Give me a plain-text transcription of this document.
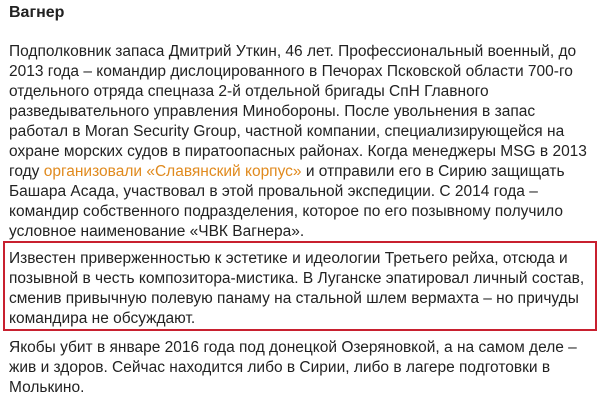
Вагнер

Подполковник запаса Дмитрий Уткин, 46 лет. Профессиональный военный, до
2013 года – командир дислоцированного в Печорах Псковской области 700-го
отдельного отряда спецназа 2-й отдельной бригады СпН Главного
разведывательного управления Минобороны. После увольнения в запас
работал в Moran Security Group, частной компании, специализирующейся на
охране морских судов в пиратоопасных районах. Когда менеджеры MSG в 2013
году организовали «Славянский корпус» и отправили его в Сирию защищать
Башара Асада, участвовал в этой провальной экспедиции. С 2014 года –
командир собственного подразделения, которое по его позывному получило
условное наименование «ЧВК Вагнера».

Известен приверженностью к эстетике и идеологии Третьего рейха, отсюда и
позывной в честь композитора-мистика. В Луганске эпатировал личный состав,
сменив привычную полевую панаму на стальной шлем вермахта – но причуды
командира не обсуждают.

Якобы убит в январе 2016 года под донецкой Озеряновкой, а на самом деле –
жив и здоров. Сейчас находится либо в Сирии, либо в лагере подготовки в
Молькино.
